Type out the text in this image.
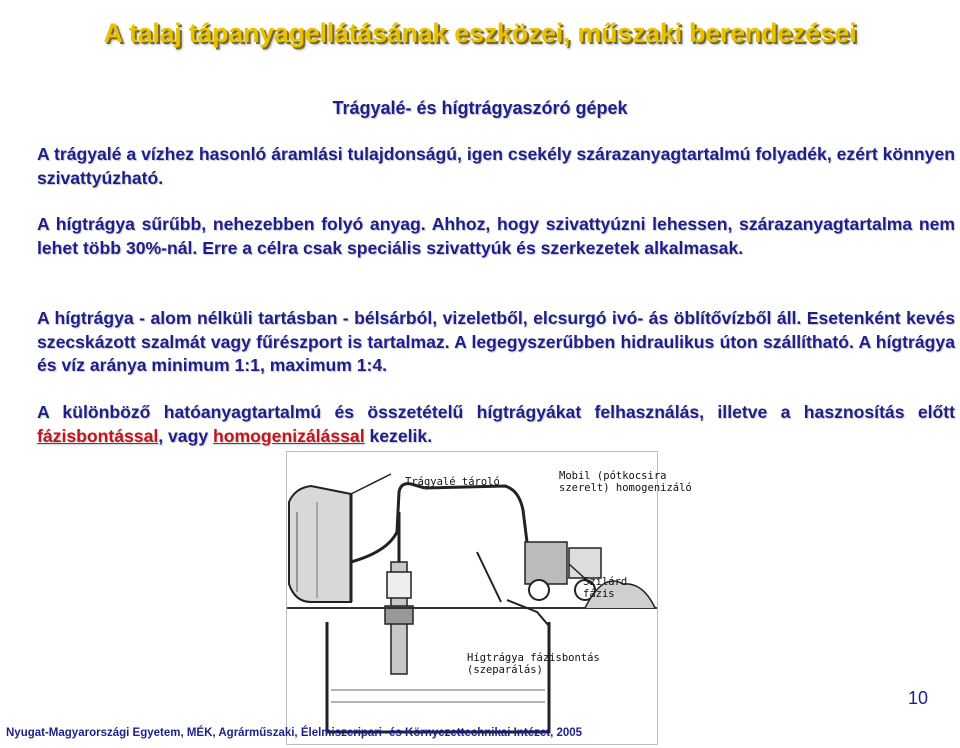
A talaj tápanyagellátásának eszközei, műszaki berendezései
Trágyalé- és hígtrágyaszóró gépek
A trágyalé a vízhez hasonló áramlási tulajdonságú, igen csekély szárazanyagtartalmú folyadék, ezért könnyen szivattyúzható.
A hígtrágya sűrűbb, nehezebben folyó anyag. Ahhoz, hogy szivattyúzni lehessen, szárazanyagtartalma nem lehet több 30%-nál. Erre a célra csak speciális szivattyúk és szerkezetek alkalmasak.
A hígtrágya - alom nélküli tartásban - bélsárból, vizeletből, elcsurgó ivó- ás öblítővízből áll. Esetenként kevés szecskázott szalmát vagy fűrészport is tartalmaz. A legegyszerűbben hidraulikus úton szállítható. A hígtrágya és víz aránya minimum 1:1, maximum 1:4.
A különböző hatóanyagtartalmú és összetételű hígtrágyákat felhasználás, illetve a hasznosítás előtt fázisbontással, vagy homogenizálással kezelik.
Trágyalé tároló	Mobil (pótkocsira
szerelt) homogenizáló
Szilárd fázis
Hígtrágya fázisbontás
(szeparálás)
10
Nyugat-Magyarországi Egyetem, MÉK, Agrárműszaki, Élelmiszeripari- és Környezettechnikai Intézet, 2005
